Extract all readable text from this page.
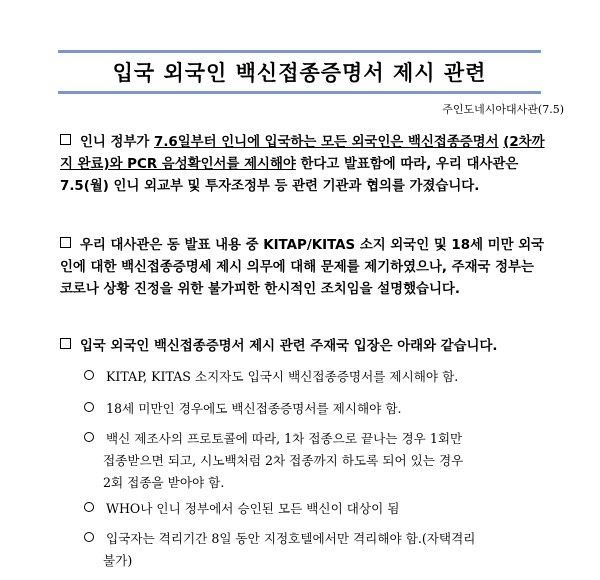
입국 외국인 백신접종증명서 제시 관련
주인도네시아대사관(7.5)
인니 정부가 7.6일부터 인니에 입국하는 모든 외국인은 백신접종증명서 (2차까지 완료)와 PCR 음성확인서를 제시해야 한다고 발표함에 따라, 우리 대사관은 7.5(월) 인니 외교부 및 투자조정부 등 관련 기관과 협의를 가졌습니다.
우리 대사관은 동 발표 내용 중 KITAP/KITAS 소지 외국인 및 18세 미만 외국인에 대한 백신접종증명세 제시 의무에 대해 문제를 제기하였으나, 주재국 정부는 코로나 상황 진정을 위한 불가피한 한시적인 조치임을 설명했습니다.
입국 외국인 백신접종증명서 제시 관련 주재국 입장은 아래와 같습니다.
KITAP, KITAS 소지자도 입국시 백신접종증명서를 제시해야 함.
18세 미만인 경우에도 백신접종증명서를 제시해야 함.
백신 제조사의 프로토콜에 따라, 1차 접종으로 끝나는 경우 1회만
접종받으면 되고, 시노백처럼 2차 접종까지 하도록 되어 있는 경우
2회 접종을 받아야 함.
WHO나 인니 정부에서 승인된 모든 백신이 대상이 됨
입국자는 격리기간 8일 동안 지정호텔에서만 격리해야 함.(자택격리
불가)
